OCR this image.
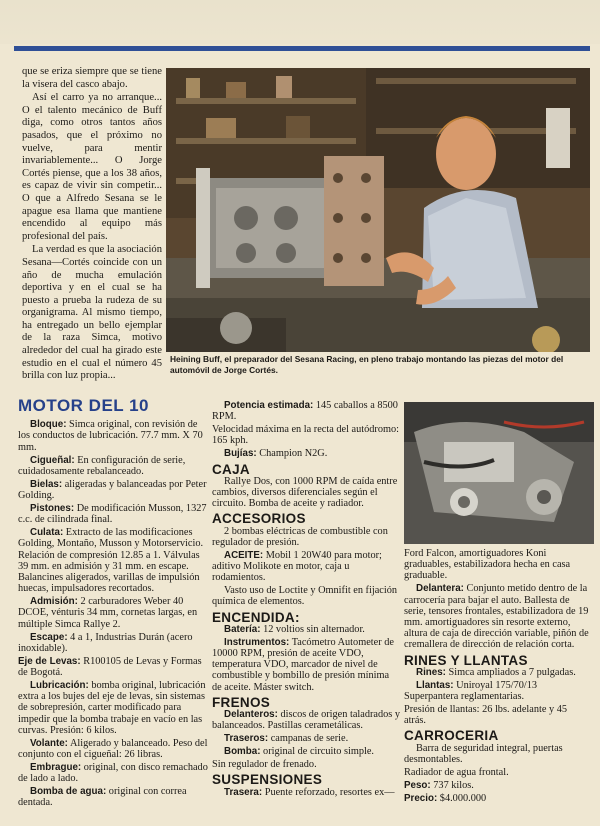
que se eriza siempre que se tiene la visera del casco abajo.

Así el carro ya no arranque... O el talento mecánico de Buff diga, como otros tantos años pasados, que el próximo no vuelve, para mentir invariablemente... O Jorge Cortés piense, que a los 38 años, es capaz de vivir sin competir... O que a Alfredo Sesana se le apague esa llama que mantiene encendido al equipo más profesional del país.

La verdad es que la asociación Sesana—Cortés coincide con un año de mucha emulación deportiva y en el cual se ha puesto a prueba la rudeza de su organigrama. Al mismo tiempo, ha entregado un bello ejemplar de la raza Simca, motivo alrededor del cual ha girado este estudio en el cual el número 45 brilla con luz propia...

Heining Buff, el preparador del Sesana Racing, en pleno trabajo montando las piezas del motor del automóvil de Jorge Cortés.
MOTOR DEL 10
Bloque: Simca original, con revisión de los conductos de lubricación. 77.7 mm. X 70 mm.
Cigueñal: En configuración de serie, cuidadosamente rebalanceado.
Bielas: aligeradas y balanceadas por Peter Golding.
Pistones: De modificación Musson, 1327 c.c. de cilindrada final.
Culata: Extracto de las modificaciones Golding, Montaño, Musson y Motorservicio. Relación de compresión 12.85 a 1. Válvulas 39 mm. en admisión y 31 mm. en escape. Balancines aligerados, varillas de impulsión huecas, impulsadores recortados.
Admisión: 2 carburadores Weber 40 DCOE, vénturis 34 mm, cornetas largas, en múltiple Simca Rallye 2.
Escape: 4 a 1, Industrias Durán (acero inoxidable).
Eje de Levas: R100105 de Levas y Formas de Bogotá.
Lubricación: bomba original, lubricación extra a los bujes del eje de levas, sin sistemas de sobrepresión, carter modificado para impedir que la bomba trabaje en vacío en las curvas. Presión: 6 kilos.
Volante: Aligerado y balanceado. Peso del conjunto con el cigueñal: 26 libras.
Embrague: original, con disco remachado de lado a lado.
Bomba de agua: original con correa dentada.
Potencia estimada: 145 caballos a 8500 RPM.
Velocidad máxima en la recta del autódromo: 165 kph.
Bujías: Champion N2G.
CAJA
Rallye Dos, con 1000 RPM de caída entre cambios, diversos diferenciales según el circuito. Bomba de aceite y radiador.
ACCESORIOS
2 bombas eléctricas de combustible con regulador de presión.
ACEITE: Mobil 1 20W40 para motor; aditivo Molikote en motor, caja u rodamientos.
Vasto uso de Loctite y Omnifit en fijación química de elementos.
ENCENDIDA:
Batería: 12 voltios sin alternador.
Instrumentos: Tacómetro Autometer de 10000 RPM, presión de aceite VDO, temperatura VDO, marcador de nivel de combustible y bombillo de presión mínima de aceite. Máster switch.
FRENOS
Delanteros: discos de origen taladrados y balanceados. Pastillas cerametálicas.
Traseros: campanas de serie.
Bomba: original de circuito simple.
Sin regulador de frenado.
SUSPENSIONES
Trasera: Puente reforzado, resortes ex—
Ford Falcon, amortiguadores Koni graduables, estabilizadora hecha en casa graduable.
Delantera: Conjunto metido dentro de la carrocería para bajar el auto. Ballesta de serie, tensores frontales, estabilizadora de 19 mm. amortiguadores sin resorte externo, altura de caja de dirección variable, piñón de cremallera de dirección de relación corta.
RINES Y LLANTAS
Rines: Simca ampliados a 7 pulgadas.
Llantas: Uniroyal 175/70/13 Superpantera reglamentarias.
Presión de llantas: 26 lbs. adelante y 45 atrás.
CARROCERIA
Barra de seguridad integral, puertas desmontables.
Radiador de agua frontal.
Peso: 737 kilos.
Precio: $4.000.000
